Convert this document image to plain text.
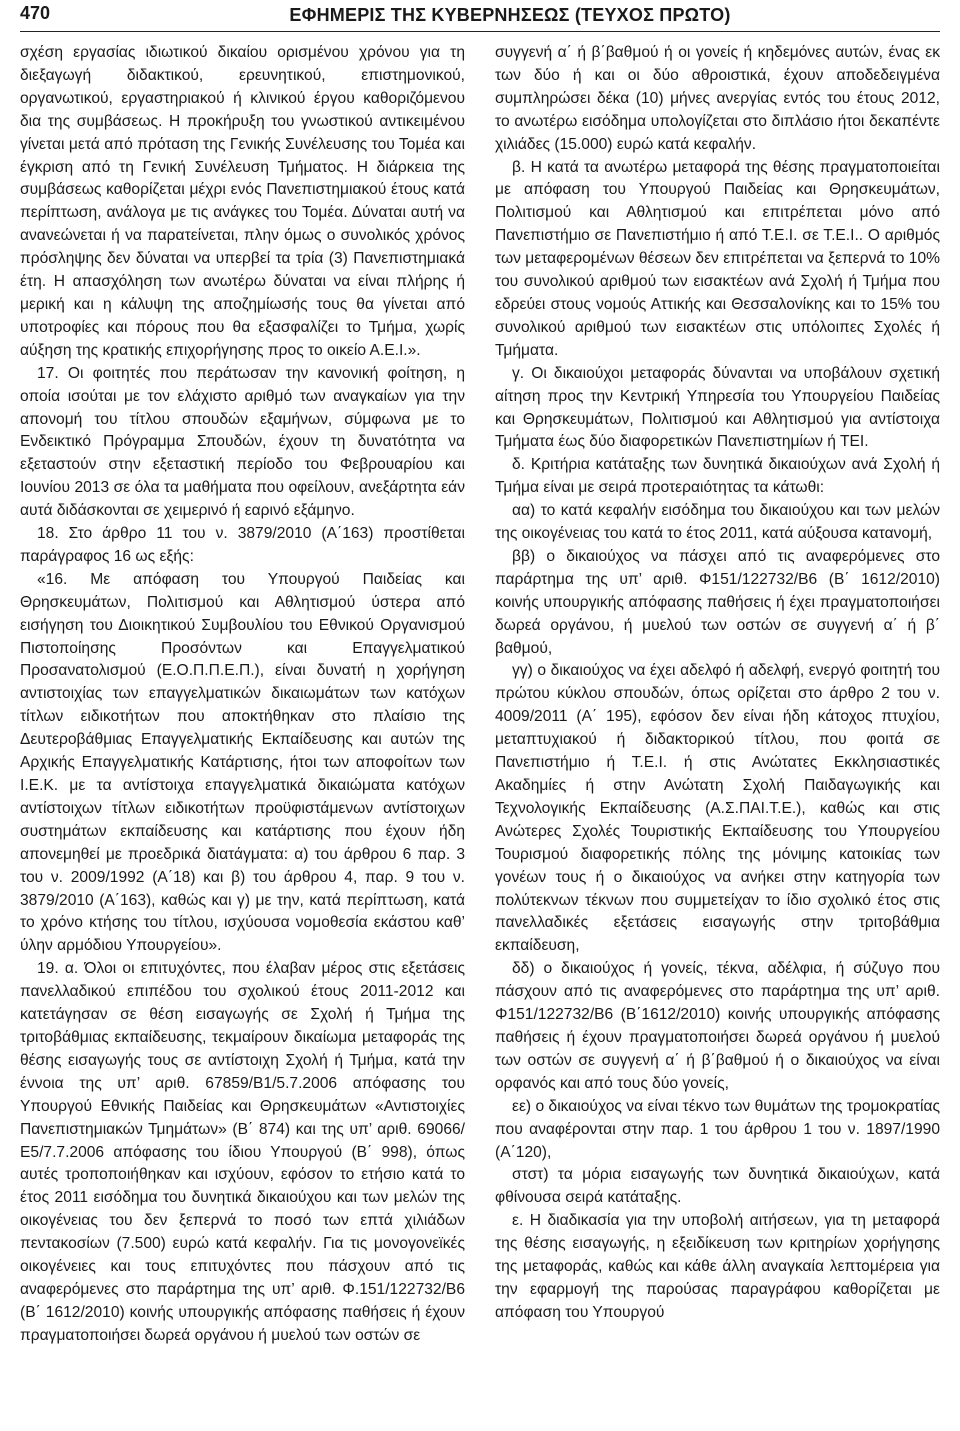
470	ΕΦΗΜΕΡΙΣ ΤΗΣ ΚΥΒΕΡΝΗΣΕΩΣ (ΤΕΥΧΟΣ ΠΡΩΤΟ)

σχέση εργασίας ιδιωτικού δικαίου ορισμένου χρόνου για τη διεξαγωγή διδακτικού, ερευνητικού, επιστημονικού, οργανωτικού, εργαστηριακού ή κλινικού έργου καθοριζόμενου δια της συμβάσεως. Η προκήρυξη του γνωστικού αντικειμένου γίνεται μετά από πρόταση της Γενικής Συνέλευσης του Τομέα και έγκριση από τη Γενική Συνέλευση Τμήματος. Η διάρκεια της συμβάσεως καθορίζεται μέχρι ενός Πανεπιστημιακού έτους κατά περίπτωση, ανάλογα με τις ανάγκες του Τομέα. Δύναται αυτή να ανανεώνεται ή να παρατείνεται, πλην όμως ο συνολικός χρόνος πρόσληψης δεν δύναται να υπερβεί τα τρία (3) Πανεπιστημιακά έτη. Η απασχόληση των ανωτέρω δύναται να είναι πλήρης ή μερική και η κάλυψη της αποζημίωσής τους θα γίνεται από υποτροφίες και πόρους που θα εξασφαλίζει το Τμήμα, χωρίς αύξηση της κρατικής επιχορήγησης προς το οικείο Α.Ε.Ι.».

17. Οι φοιτητές που περάτωσαν την κανονική φοίτηση, η οποία ισούται με τον ελάχιστο αριθμό των αναγκαίων για την απονομή του τίτλου σπουδών εξαμήνων, σύμφωνα με το Ενδεικτικό Πρόγραμμα Σπουδών, έχουν τη δυνατότητα να εξεταστούν στην εξεταστική περίοδο του Φεβρουαρίου και Ιουνίου 2013 σε όλα τα μαθήματα που οφείλουν, ανεξάρτητα εάν αυτά διδάσκονται σε χειμερινό ή εαρινό εξάμηνο.

18. Στο άρθρο 11 του ν. 3879/2010 (Α΄163) προστίθεται παράγραφος 16 ως εξής:

«16. Με απόφαση του Υπουργού Παιδείας και Θρησκευμάτων, Πολιτισμού και Αθλητισμού ύστερα από εισήγηση του Διοικητικού Συμβουλίου του Εθνικού Οργανισμού Πιστοποίησης Προσόντων και Επαγγελματικού Προσανατολισμού (Ε.Ο.Π.Π.Ε.Π.), είναι δυνατή η χορήγηση αντιστοιχίας των επαγγελματικών δικαιωμάτων των κατόχων τίτλων ειδικοτήτων που αποκτήθηκαν στο πλαίσιο της Δευτεροβάθμιας Επαγγελματικής Εκπαίδευσης και αυτών της Αρχικής Επαγγελματικής Κατάρτισης, ήτοι των αποφοίτων των Ι.Ε.Κ. με τα αντίστοιχα επαγγελματικά δικαιώματα κατόχων αντίστοιχων τίτλων ειδικοτήτων προϋφιστάμενων αντίστοιχων συστημάτων εκπαίδευσης και κατάρτισης που έχουν ήδη απονεμηθεί με προεδρικά διατάγματα: α) του άρθρου 6 παρ. 3 του ν. 2009/1992 (Α΄18) και β) του άρθρου 4, παρ. 9 του ν. 3879/2010 (Α΄163), καθώς και γ) με την, κατά περίπτωση, κατά το χρόνο κτήσης του τίτλου, ισχύουσα νομοθεσία εκάστου καθ’ ύλην αρμόδιου Υπουργείου».

19. α. Όλοι οι επιτυχόντες, που έλαβαν μέρος στις εξετάσεις πανελλαδικού επιπέδου του σχολικού έτους 2011-2012 και κατετάγησαν σε θέση εισαγωγής σε Σχολή ή Τμήμα της τριτοβάθμιας εκπαίδευσης, τεκμαίρουν δικαίωμα μεταφοράς της θέσης εισαγωγής τους σε αντίστοιχη Σχολή ή Τμήμα, κατά την έννοια της υπ’ αριθ. 67859/Β1/5.7.2006 απόφασης του Υπουργού Εθνικής Παιδείας και Θρησκευμάτων «Αντιστοιχίες Πανεπιστημιακών Τμημάτων» (Β΄ 874) και της υπ’ αριθ. 69066/Ε5/7.7.2006 απόφασης του ίδιου Υπουργού (Β΄ 998), όπως αυτές τροποποιήθηκαν και ισχύουν, εφόσον το ετήσιο κατά το έτος 2011 εισόδημα του δυνητικά δικαιούχου και των μελών της οικογένειας του δεν ξεπερνά το ποσό των επτά χιλιάδων πεντακοσίων (7.500) ευρώ κατά κεφαλήν. Για τις μονογονεϊκές οικογένειες και τους επιτυχόντες που πάσχουν από τις αναφερόμενες στο παράρτημα της υπ’ αριθ. Φ.151/122732/Β6 (Β΄ 1612/2010) κοινής υπουργικής απόφασης παθήσεις ή έχουν πραγματοποιήσει δωρεά οργάνου ή μυελού των οστών σε

συγγενή α΄ ή β΄βαθμού ή οι γονείς ή κηδεμόνες αυτών, ένας εκ των δύο ή και οι δύο αθροιστικά, έχουν αποδεδειγμένα συμπληρώσει δέκα (10) μήνες ανεργίας εντός του έτους 2012, το ανωτέρω εισόδημα υπολογίζεται στο διπλάσιο ήτοι δεκαπέντε χιλιάδες (15.000) ευρώ κατά κεφαλήν.

β. Η κατά τα ανωτέρω μεταφορά της θέσης πραγματοποιείται με απόφαση του Υπουργού Παιδείας και Θρησκευμάτων, Πολιτισμού και Αθλητισμού και επιτρέπεται μόνο από Πανεπιστήμιο σε Πανεπιστήμιο ή από Τ.Ε.Ι. σε Τ.Ε.Ι.. Ο αριθμός των μεταφερομένων θέσεων δεν επιτρέπεται να ξεπερνά το 10% του συνολικού αριθμού των εισακτέων ανά Σχολή ή Τμήμα που εδρεύει στους νομούς Αττικής και Θεσσαλονίκης και το 15% του συνολικού αριθμού των εισακτέων στις υπόλοιπες Σχολές ή Τμήματα.

γ. Οι δικαιούχοι μεταφοράς δύνανται να υποβάλουν σχετική αίτηση προς την Κεντρική Υπηρεσία του Υπουργείου Παιδείας και Θρησκευμάτων, Πολιτισμού και Αθλητισμού για αντίστοιχα Τμήματα έως δύο διαφορετικών Πανεπιστημίων ή ΤΕΙ.

δ. Κριτήρια κατάταξης των δυνητικά δικαιούχων ανά Σχολή ή Τμήμα είναι με σειρά προτεραιότητας τα κάτωθι:

αα) το κατά κεφαλήν εισόδημα του δικαιούχου και των μελών της οικογένειας του κατά το έτος 2011, κατά αύξουσα κατανομή,

ββ) ο δικαιούχος να πάσχει από τις αναφερόμενες στο παράρτημα της υπ’ αριθ. Φ151/122732/Β6 (Β΄ 1612/2010) κοινής υπουργικής απόφασης παθήσεις ή έχει πραγματοποιήσει δωρεά οργάνου, ή μυελού των οστών σε συγγενή α΄ ή β΄ βαθμού,

γγ) ο δικαιούχος να έχει αδελφό ή αδελφή, ενεργό φοιτητή του πρώτου κύκλου σπουδών, όπως ορίζεται στο άρθρο 2 του ν. 4009/2011 (Α΄ 195), εφόσον δεν είναι ήδη κάτοχος πτυχίου, μεταπτυχιακού ή διδακτορικού τίτλου, που φοιτά σε Πανεπιστήμιο ή Τ.Ε.Ι. ή στις Ανώτατες Εκκλησιαστικές Ακαδημίες ή στην Ανώτατη Σχολή Παιδαγωγικής και Τεχνολογικής Εκπαίδευσης (Α.Σ.ΠΑΙ.Τ.Ε.), καθώς και στις Ανώτερες Σχολές Τουριστικής Εκπαίδευσης του Υπουργείου Τουρισμού διαφορετικής πόλης της μόνιμης κατοικίας των γονέων τους ή ο δικαιούχος να ανήκει στην κατηγορία των πολύτεκνων τέκνων που συμμετείχαν το ίδιο σχολικό έτος στις πανελλαδικές εξετάσεις εισαγωγής στην τριτοβάθμια εκπαίδευση,

δδ) ο δικαιούχος ή γονείς, τέκνα, αδέλφια, ή σύζυγο που πάσχουν από τις αναφερόμενες στο παράρτημα της υπ’ αριθ. Φ151/122732/Β6 (Β΄1612/2010) κοινής υπουργικής απόφασης παθήσεις ή έχουν πραγματοποιήσει δωρεά οργάνου ή μυελού των οστών σε συγγενή α΄ ή β΄βαθμού ή ο δικαιούχος να είναι ορφανός και από τους δύο γονείς,

εε) ο δικαιούχος να είναι τέκνο των θυμάτων της τρομοκρατίας που αναφέρονται στην παρ. 1 του άρθρου 1 του ν. 1897/1990 (Α΄120),

στστ) τα μόρια εισαγωγής των δυνητικά δικαιούχων, κατά φθίνουσα σειρά κατάταξης.

ε. Η διαδικασία για την υποβολή αιτήσεων, για τη μεταφορά της θέσης εισαγωγής, η εξειδίκευση των κριτηρίων χορήγησης της μεταφοράς, καθώς και κάθε άλλη αναγκαία λεπτομέρεια για την εφαρμογή της παρούσας παραγράφου καθορίζεται με απόφαση του Υπουργού
